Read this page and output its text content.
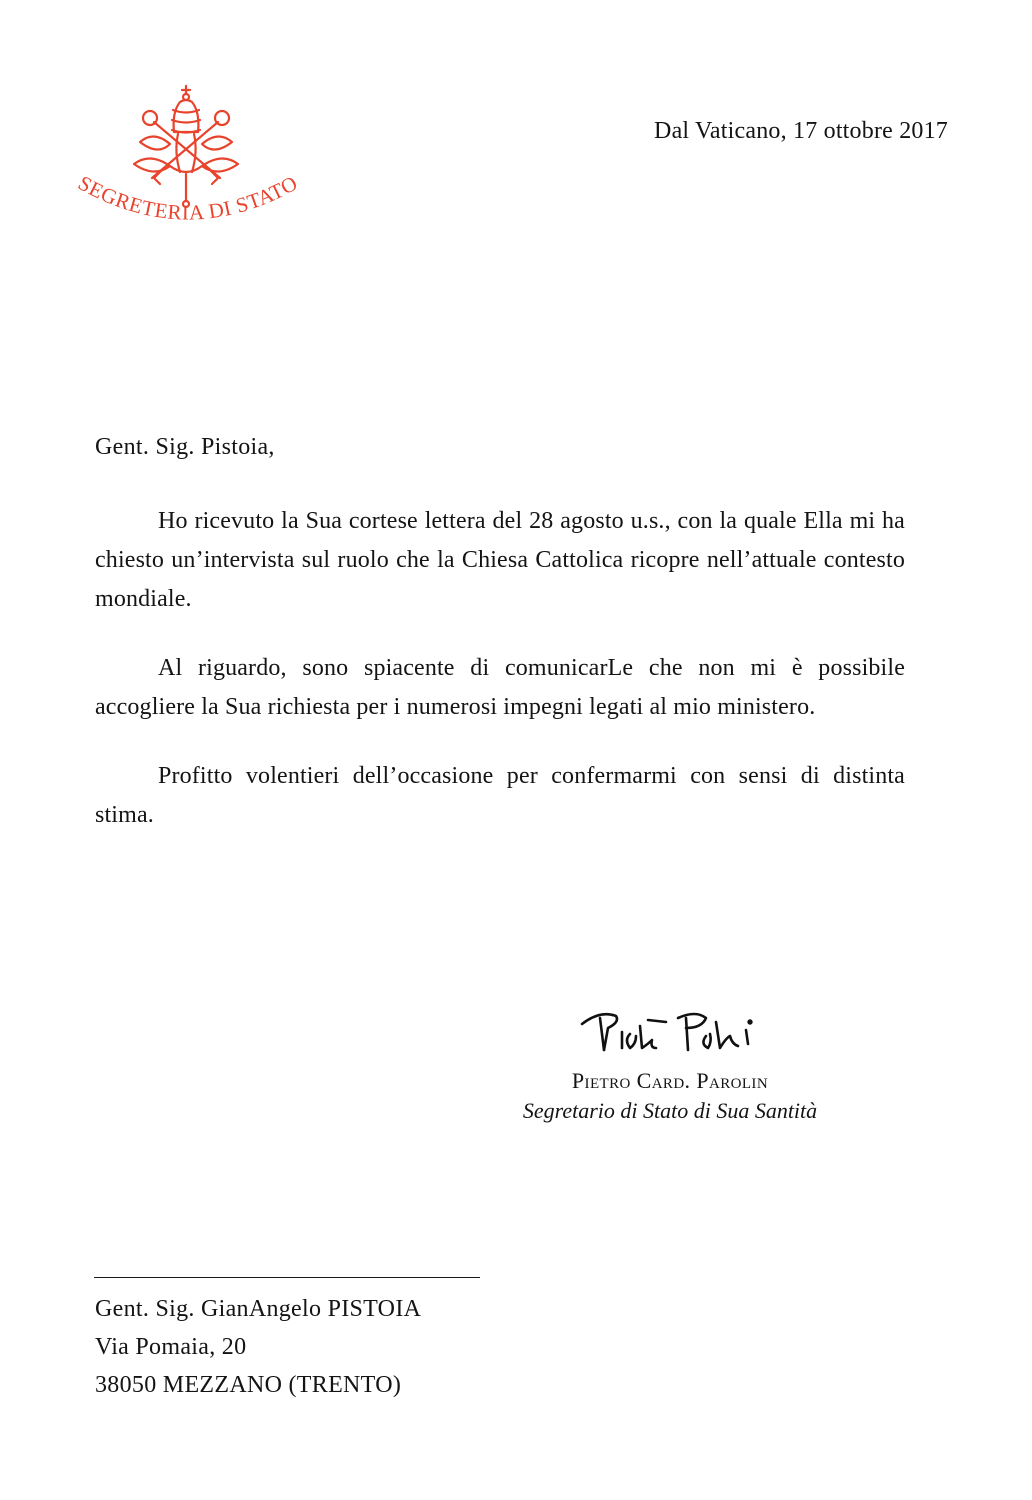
SEGRETERIA DI STATO
Dal Vaticano, 17 ottobre 2017
Gent. Sig. Pistoia,

Ho ricevuto la Sua cortese lettera del 28 agosto u.s., con la quale Ella mi ha chiesto un’intervista sul ruolo che la Chiesa Cattolica ricopre nell’attuale contesto mondiale.

Al riguardo, sono spiacente di comunicarLe che non mi è possibile accogliere la Sua richiesta per i numerosi impegni legati al mio ministero.

Profitto volentieri dell’occasione per confermarmi con sensi di distinta stima.

Pietro Card. Parolin
Segretario di Stato di Sua Santità
Gent. Sig. GianAngelo PISTOIA
Via Pomaia, 20
38050 MEZZANO (TRENTO)
